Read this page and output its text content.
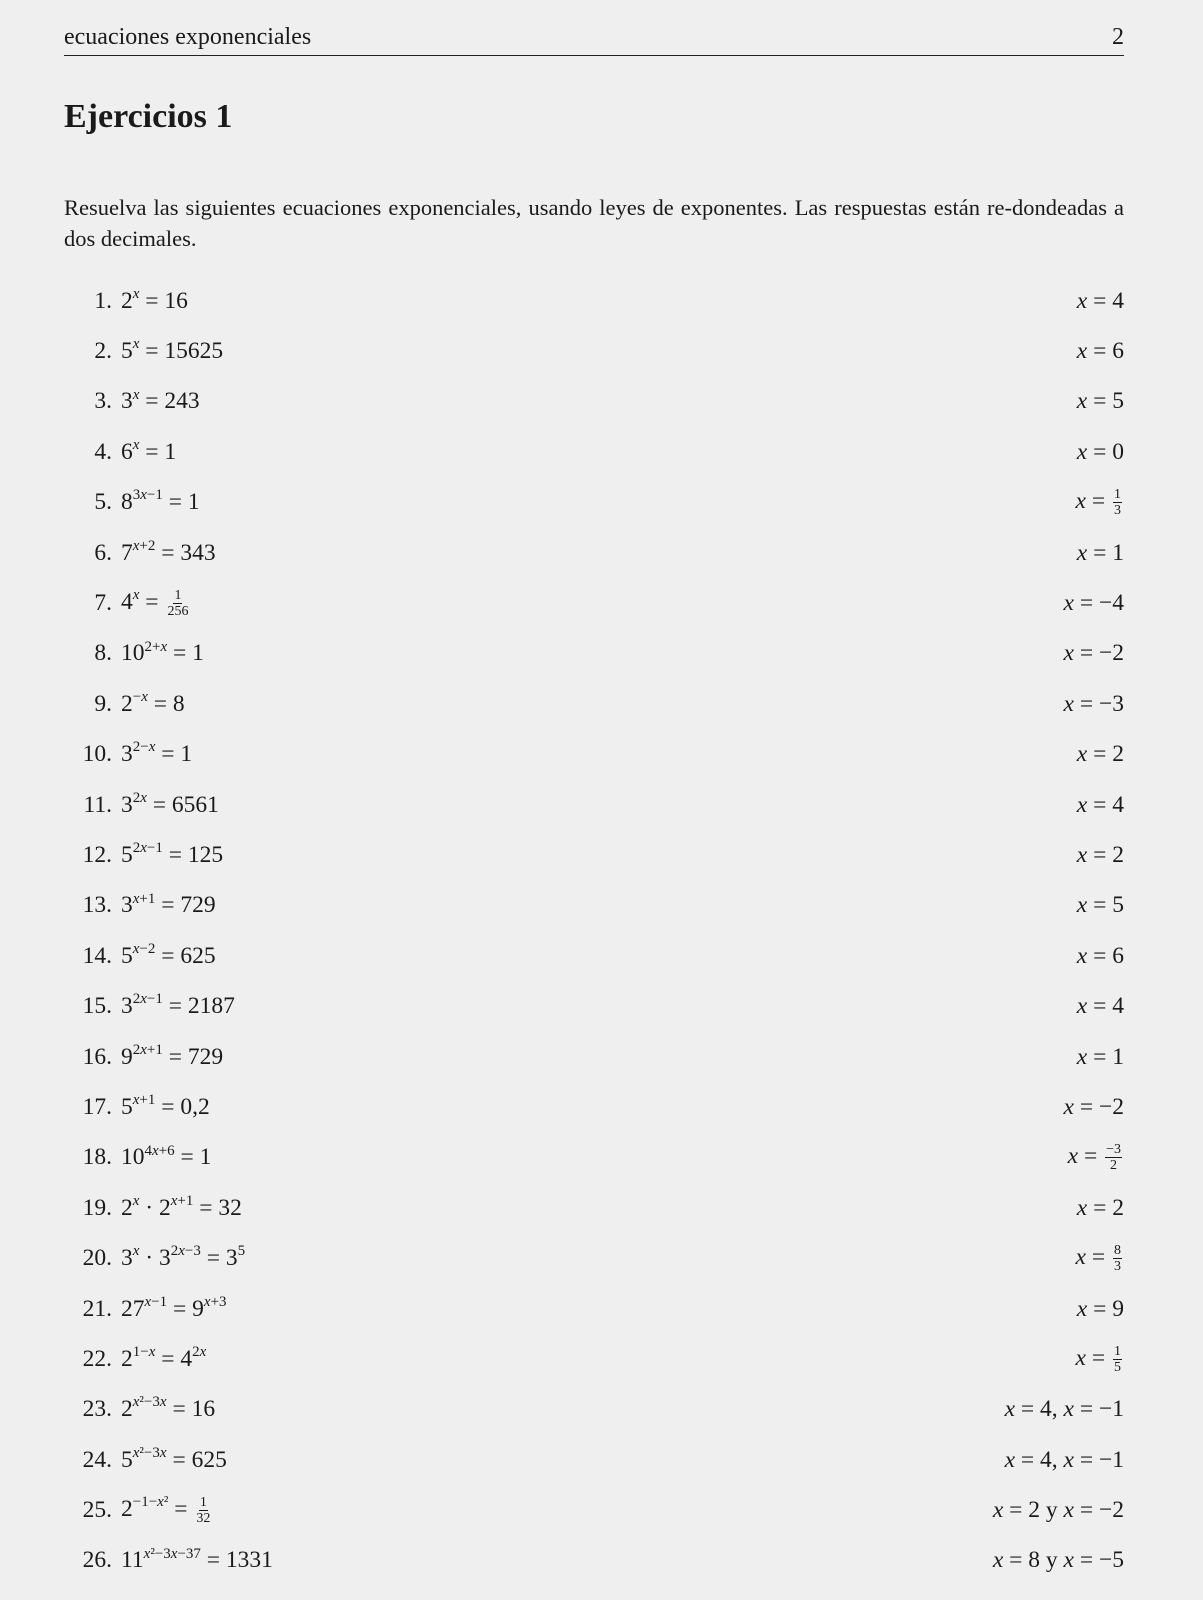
ecuaciones exponenciales	2
Ejercicios 1

Resuelva las siguientes ecuaciones exponenciales, usando leyes de exponentes. Las respuestas están re-dondeadas a dos decimales.

1. $2^x = 16$	x = 4
2. $5^x = 15625$	x = 6
3. $3^x = 243$	x = 5
4. $6^x = 1$	x = 0
5. $8^{3x-1} = 1$	$x = \frac{1}{3}$
6. $7^{x+2} = 343$	x = 1
7. $4^x = \frac{1}{256}$	x = −4
8. $10^{2+x} = 1$	x = −2
9. $2^{-x} = 8$	x = −3
10. $3^{2-x} = 1$	x = 2
11. $3^{2x} = 6561$	x = 4
12. $5^{2x-1} = 125$	x = 2
13. $3^{x+1} = 729$	x = 5
14. $5^{x-2} = 625$	x = 6
15. $3^{2x-1} = 2187$	x = 4
16. $9^{2x+1} = 729$	x = 1
17. $5^{x+1} = 0,2$	x = −2
18. $10^{4x+6} = 1$	$x = \frac{-3}{2}$
19. $2^x \cdot 2^{x+1} = 32$	x = 2
20. $3^x \cdot 3^{2x-3} = 3^5$	$x = \frac{8}{3}$
21. $27^{x-1} = 9^{x+3}$	x = 9
22. $2^{1-x} = 4^{2x}$	$x = \frac{1}{5}$
23. $2^{x^2-3x} = 16$	x = 4, x = −1
24. $5^{x^2-3x} = 625$	x = 4, x = −1
25. $2^{-1-x^2} = \frac{1}{32}$	x = 2 y x = −2
26. $11^{x^2-3x-37} = 1331$	x = 8 y x = −5
